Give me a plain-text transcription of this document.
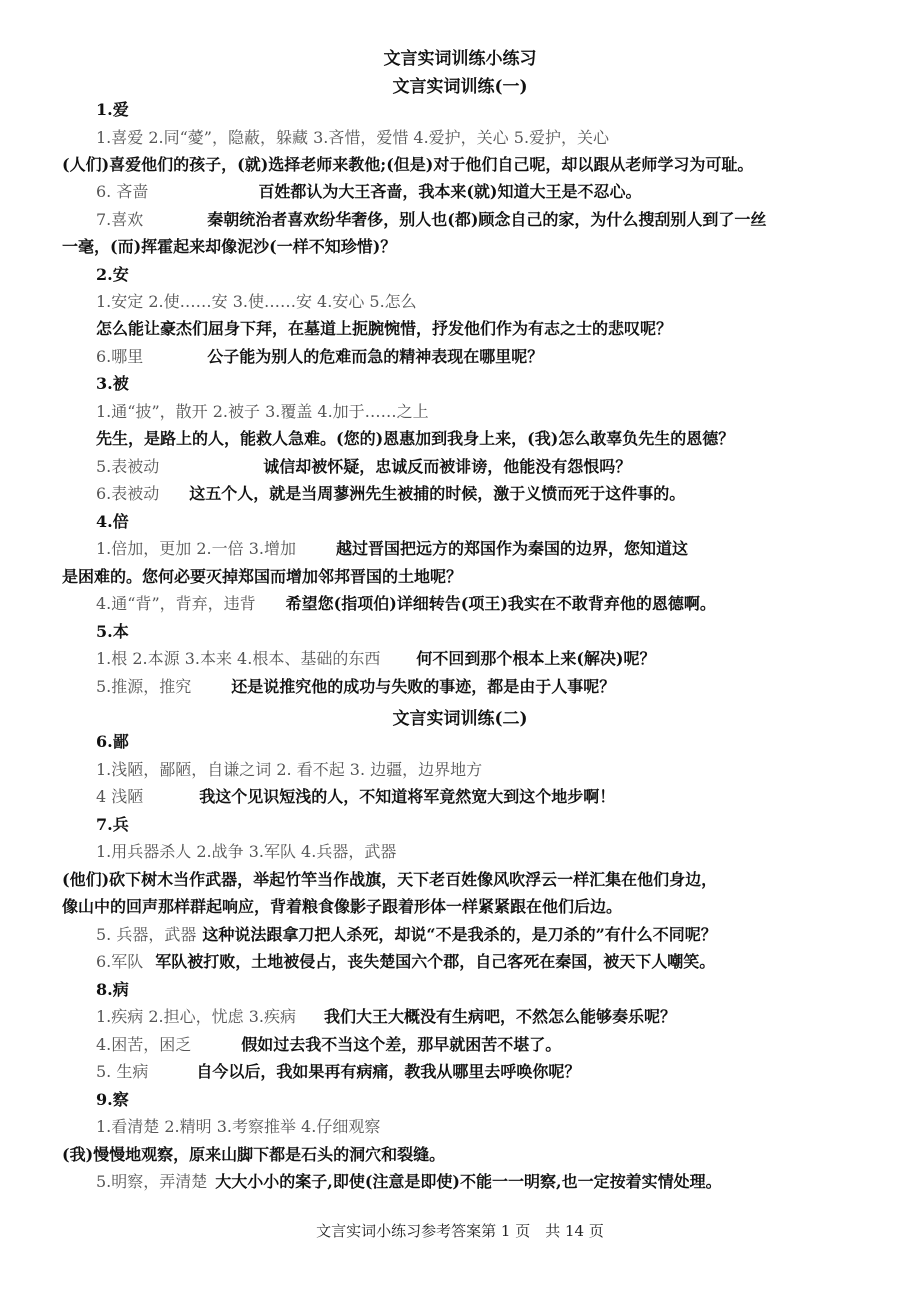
文言实词训练小练习
文言实词训练(一)
1.爱
1.喜爱 2.同“薆”，隐蔽，躲藏 3.吝惜，爱惜 4.爱护，关心 5.爱护，关心
(人们)喜爱他们的孩子，(就)选择老师来教他;(但是)对于他们自己呢，却以跟从老师学习为可耻。
6. 吝啬	百姓都认为大王吝啬，我本来(就)知道大王是不忍心。
7.喜欢	秦朝统治者喜欢纷华奢侈，别人也(都)顾念自己的家，为什么搜刮别人到了一丝
一毫，(而)挥霍起来却像泥沙(一样不知珍惜)？
2.安
1.安定 2.使……安 3.使……安 4.安心 5.怎么
怎么能让豪杰们屈身下拜，在墓道上扼腕惋惜，抒发他们作为有志之士的悲叹呢？
6.哪里	公子能为别人的危难而急的精神表现在哪里呢？
3.被
1.通“披”，散开 2.被子 3.覆盖 4.加于……之上
先生，是路上的人，能救人急难。(您的)恩惠加到我身上来，(我)怎么敢辜负先生的恩德？
5.表被动	诚信却被怀疑，忠诚反而被诽谤，他能没有怨恨吗？
6.表被动 这五个人，就是当周蓼洲先生被捕的时候，激于义愤而死于这件事的。
4.倍
1.倍加，更加 2.一倍 3.增加	越过晋国把远方的郑国作为秦国的边界，您知道这
是困难的。您何必要灭掉郑国而增加邻邦晋国的土地呢？
4.通“背”，背弃，违背 希望您(指项伯)详细转告(项王)我实在不敢背弃他的恩德啊。
5.本
1.根 2.本源 3.本来 4.根本、基础的东西 何不回到那个根本上来(解决)呢？
5.推源，推究	还是说推究他的成功与失败的事迹，都是由于人事呢？
文言实词训练(二)
6.鄙
1.浅陋，鄙陋，自谦之词 2. 看不起 3. 边疆，边界地方
4 浅陋	我这个见识短浅的人，不知道将军竟然宽大到这个地步啊！
7.兵
1.用兵器杀人 2.战争 3.军队 4.兵器，武器
(他们)砍下树木当作武器，举起竹竿当作战旗，天下老百姓像风吹浮云一样汇集在他们身边，
像山中的回声那样群起响应，背着粮食像影子跟着形体一样紧紧跟在他们后边。
5. 兵器，武器 这种说法跟拿刀把人杀死，却说“不是我杀的，是刀杀的”有什么不同呢？
6.军队 军队被打败，土地被侵占，丧失楚国六个郡，自己客死在秦国，被天下人嘲笑。
8.病
1.疾病 2.担心，忧虑 3.疾病 我们大王大概没有生病吧，不然怎么能够奏乐呢？
4.困苦，困乏	假如过去我不当这个差，那早就困苦不堪了。
5. 生病	自今以后，我如果再有病痛，教我从哪里去呼唤你呢？
9.察
1.看清楚 2.精明 3.考察推举 4.仔细观察
(我)慢慢地观察，原来山脚下都是石头的洞穴和裂缝。
5.明察，弄清楚 大大小小的案子,即使(注意是即使)不能一一明察,也一定按着实情处理。
文言实词小练习参考答案第 1 页　共 14 页
